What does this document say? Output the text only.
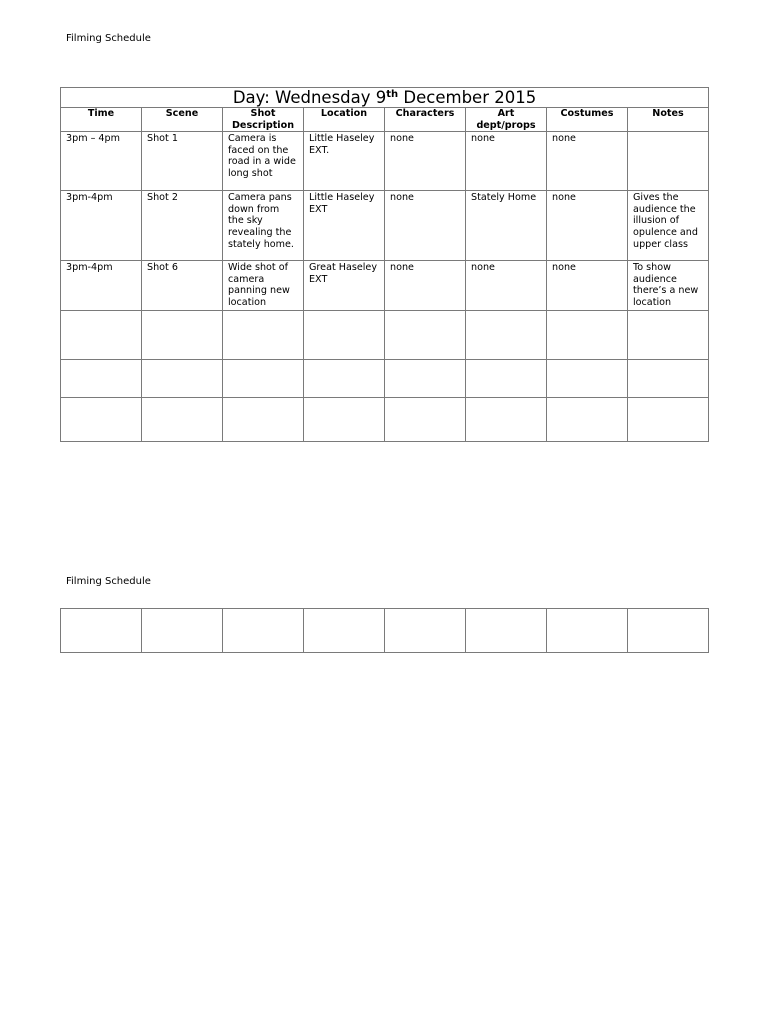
Filming Schedule
Day: Wednesday 9th December 2015							
Time	Scene	Shot Description	Location	Characters	Art dept/props	Costumes	Notes
3pm – 4pm	Shot 1	Camera is faced on the road in a wide long shot	Little Haseley EXT.	none	none	none	
3pm-4pm	Shot 2	Camera pans down from the sky revealing the stately home.	Little Haseley EXT	none	Stately Home	none	Gives the audience the illusion of opulence and upper class
3pm-4pm	Shot 6	Wide shot of camera panning new location	Great Haseley EXT	none	none	none	To show audience there’s a new location

Filming Schedule
